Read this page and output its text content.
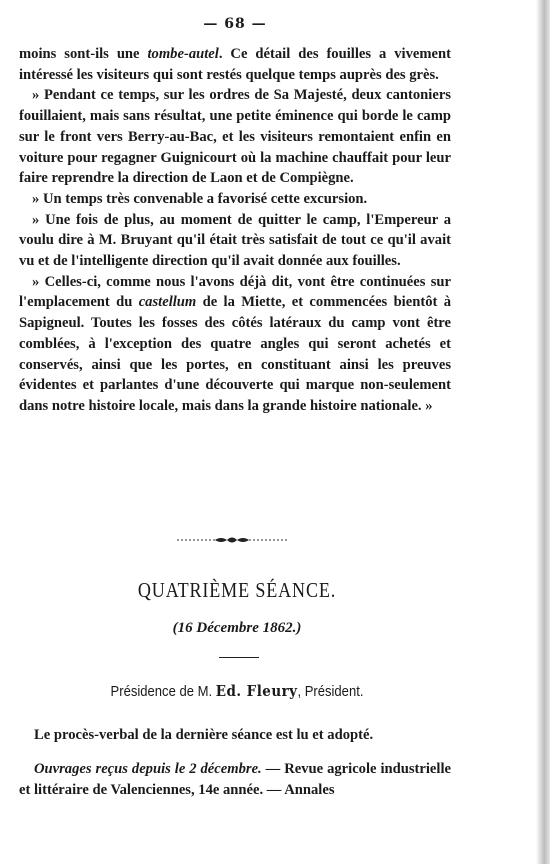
— 68 —

moins sont-ils une tombe-autel. Ce détail des fouilles a vivement intéressé les visiteurs qui sont restés quelque temps auprès des grès.

» Pendant ce temps, sur les ordres de Sa Majesté, deux cantoniers fouillaient, mais sans résultat, une petite éminence qui borde le camp sur le front vers Berry-au-Bac, et les visiteurs remontaient enfin en voiture pour regagner Guignicourt où la machine chauffait pour leur faire reprendre la direction de Laon et de Compiègne.

» Un temps très convenable a favorisé cette excursion.

» Une fois de plus, au moment de quitter le camp, l'Empereur a voulu dire à M. Bruyant qu'il était très satisfait de tout ce qu'il avait vu et de l'intelligente direction qu'il avait donnée aux fouilles.

» Celles-ci, comme nous l'avons déjà dit, vont être continuées sur l'emplacement du castellum de la Miette, et commencées bientôt à Sapigneul. Toutes les fosses des côtés latéraux du camp vont être comblées, à l'exception des quatre angles qui seront achetés et conservés, ainsi que les portes, en constituant ainsi les preuves évidentes et parlantes d'une découverte qui marque non-seulement dans notre histoire locale, mais dans la grande histoire nationale. »

QUATRIÈME SÉANCE.
(16 Décembre 1862.)
Présidence de M. Ed. Fleury, Président.
Le procès-verbal de la dernière séance est lu et adopté.

Ouvrages reçus depuis le 2 décembre. — Revue agricole industrielle et littéraire de Valenciennes, 14e année. — Annales
